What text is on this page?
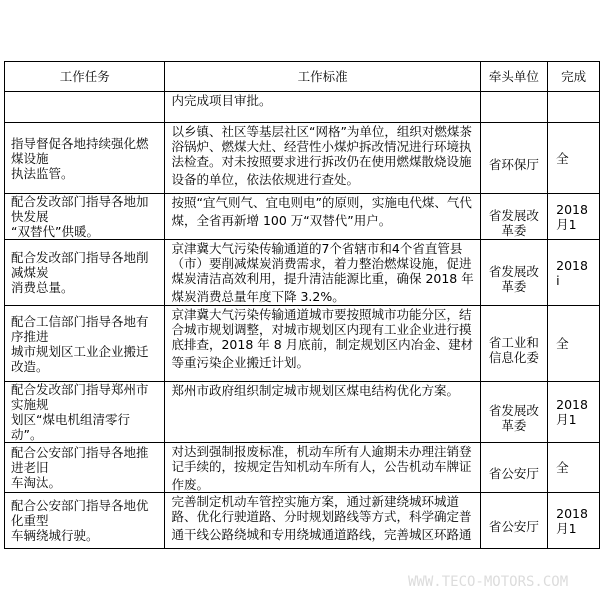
工作任务	工作标准	牵头单位	完成

	内完成项目审批。		

指导督促各地持续强化燃煤设施
执法监管。	以乡镇、社区等基层社区“网格”为单位，组织对燃煤茶
浴锅炉、燃煤大灶、经营性小煤炉拆改情况进行环境执
法检查。对未按照要求进行拆改仍在使用燃煤散烧设施
设备的单位，依法依规进行查处。	省环保厅	全

配合发改部门指导各地加快发展
“双替代”供暖。	按照“宜气则气、宜电则电”的原则，实施电代煤、气代
煤，全省再新增 100 万“双替代”用户。	省发展改
革委	2018
月1

配合发改部门指导各地削减煤炭
消费总量。	京津冀大气污染传输通道的7个省辖市和4个省直管县
（市）要削减煤炭消费需求，着力整治燃煤设施，促进
煤炭清洁高效利用，提升清洁能源比重，确保 2018 年
煤炭消费总量年度下降 3.2%。	省发展改
革委	2018
i

配合工信部门指导各地有序推进
城市规划区工业企业搬迁改造。	京津冀大气污染传输通道城市要按照城市功能分区，结
合城市规划调整，对城市规划区内现有工业企业进行摸
底排查，2018 年 8 月底前，制定规划区内冶金、建材
等重污染企业搬迁计划。	省工业和
信息化委	全

配合发改部门指导郑州市实施规
划区“煤电机组清零行动”。	郑州市政府组织制定城市规划区煤电结构优化方案。	省发展改
革委	2018
月1

配合公安部门指导各地推进老旧
车淘汰。	对达到强制报废标准，机动车所有人逾期未办理注销登
记手续的，按规定告知机动车所有人，公告机动车牌证
作废。	省公安厅	全

配合公安部门指导各地优化重型
车辆绕城行驶。	完善制定机动车管控实施方案，通过新建绕城环城道
路、优化行驶道路、分时规划路线等方式，科学确定普
通干线公路绕城和专用绕城通道路线，完善城区环路通	省公安厅	2018
月1
WWW.TECO-MOTORS.COM
